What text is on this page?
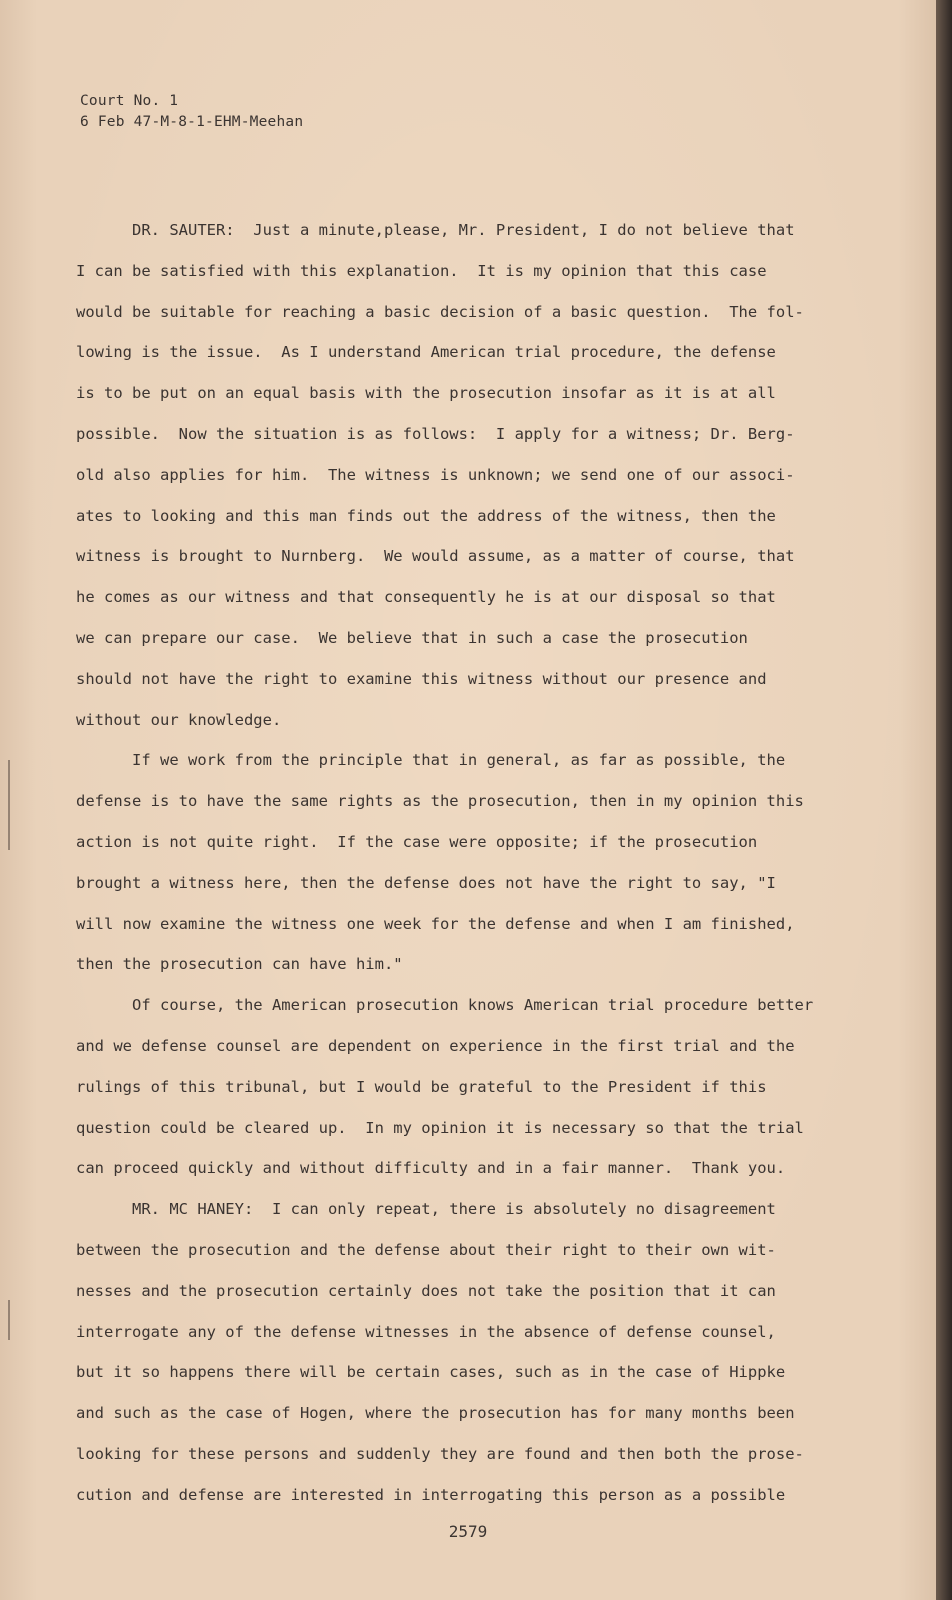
Court No. 1
6 Feb 47-M-8-1-EHM-Meehan
DR. SAUTER:  Just a minute,please, Mr. President, I do not believe that
I can be satisfied with this explanation.  It is my opinion that this case
would be suitable for reaching a basic decision of a basic question.  The fol-
lowing is the issue.  As I understand American trial procedure, the defense
is to be put on an equal basis with the prosecution insofar as it is at all
possible.  Now the situation is as follows:  I apply for a witness; Dr. Berg-
old also applies for him.  The witness is unknown; we send one of our associ-
ates to looking and this man finds out the address of the witness, then the
witness is brought to Nurnberg.  We would assume, as a matter of course, that
he comes as our witness and that consequently he is at our disposal so that
we can prepare our case.  We believe that in such a case the prosecution
should not have the right to examine this witness without our presence and
without our knowledge.
If we work from the principle that in general, as far as possible, the
defense is to have the same rights as the prosecution, then in my opinion this
action is not quite right.  If the case were opposite; if the prosecution
brought a witness here, then the defense does not have the right to say, "I
will now examine the witness one week for the defense and when I am finished,
then the prosecution can have him."
Of course, the American prosecution knows American trial procedure better
and we defense counsel are dependent on experience in the first trial and the
rulings of this tribunal, but I would be grateful to the President if this
question could be cleared up.  In my opinion it is necessary so that the trial
can proceed quickly and without difficulty and in a fair manner.  Thank you.
MR. MC HANEY:  I can only repeat, there is absolutely no disagreement
between the prosecution and the defense about their right to their own wit-
nesses and the prosecution certainly does not take the position that it can
interrogate any of the defense witnesses in the absence of defense counsel,
but it so happens there will be certain cases, such as in the case of Hippke
and such as the case of Hogen, where the prosecution has for many months been
looking for these persons and suddenly they are found and then both the prose-
cution and defense are interested in interrogating this person as a possible
2579
